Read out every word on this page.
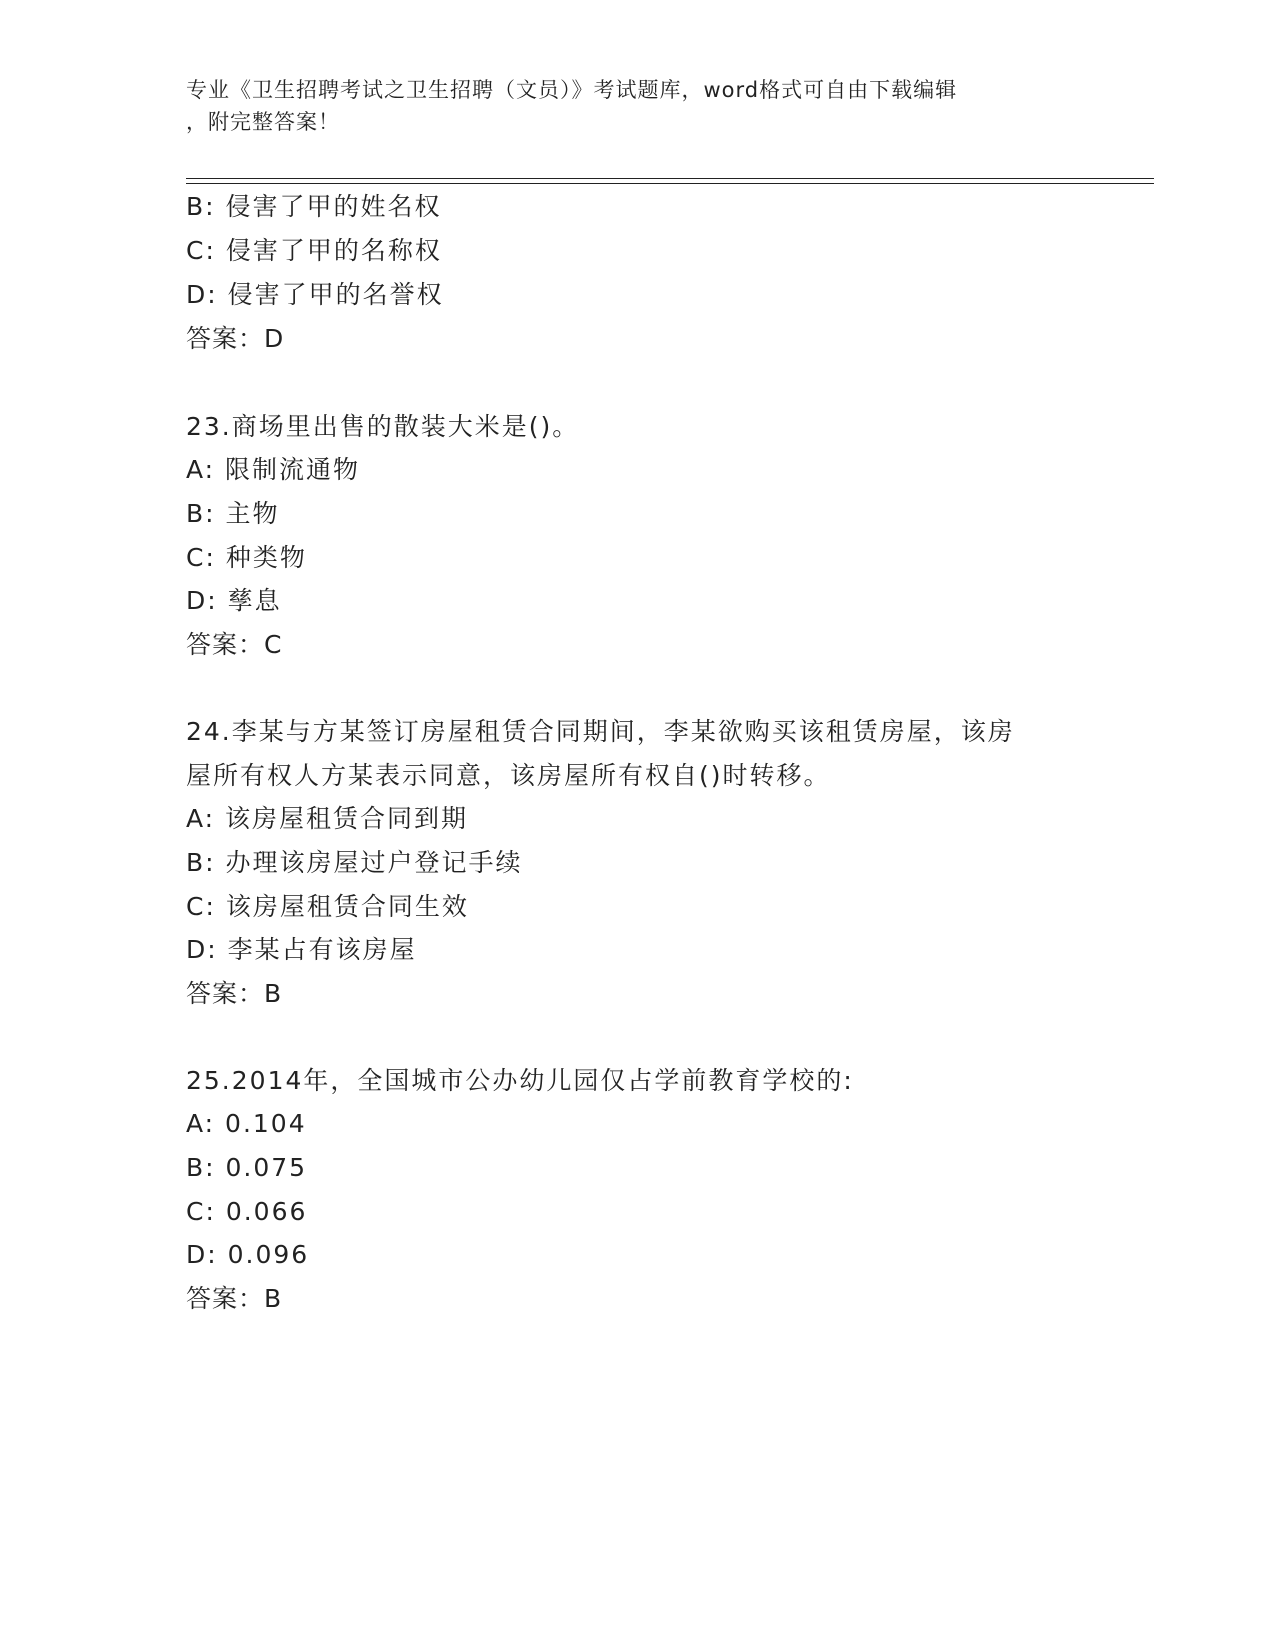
专业《卫生招聘考试之卫生招聘（文员）》考试题库，word格式可自由下载编辑
，附完整答案！
B: 侵害了甲的姓名权
C: 侵害了甲的名称权
D: 侵害了甲的名誉权
答案：D
23.商场里出售的散装大米是()。
A: 限制流通物
B: 主物
C: 种类物
D: 孳息
答案：C
24.李某与方某签订房屋租赁合同期间，李某欲购买该租赁房屋，该房
屋所有权人方某表示同意，该房屋所有权自()时转移。
A: 该房屋租赁合同到期
B: 办理该房屋过户登记手续
C: 该房屋租赁合同生效
D: 李某占有该房屋
答案：B
25.2014年，全国城市公办幼儿园仅占学前教育学校的:
A: 0.104
B: 0.075
C: 0.066
D: 0.096
答案：B
